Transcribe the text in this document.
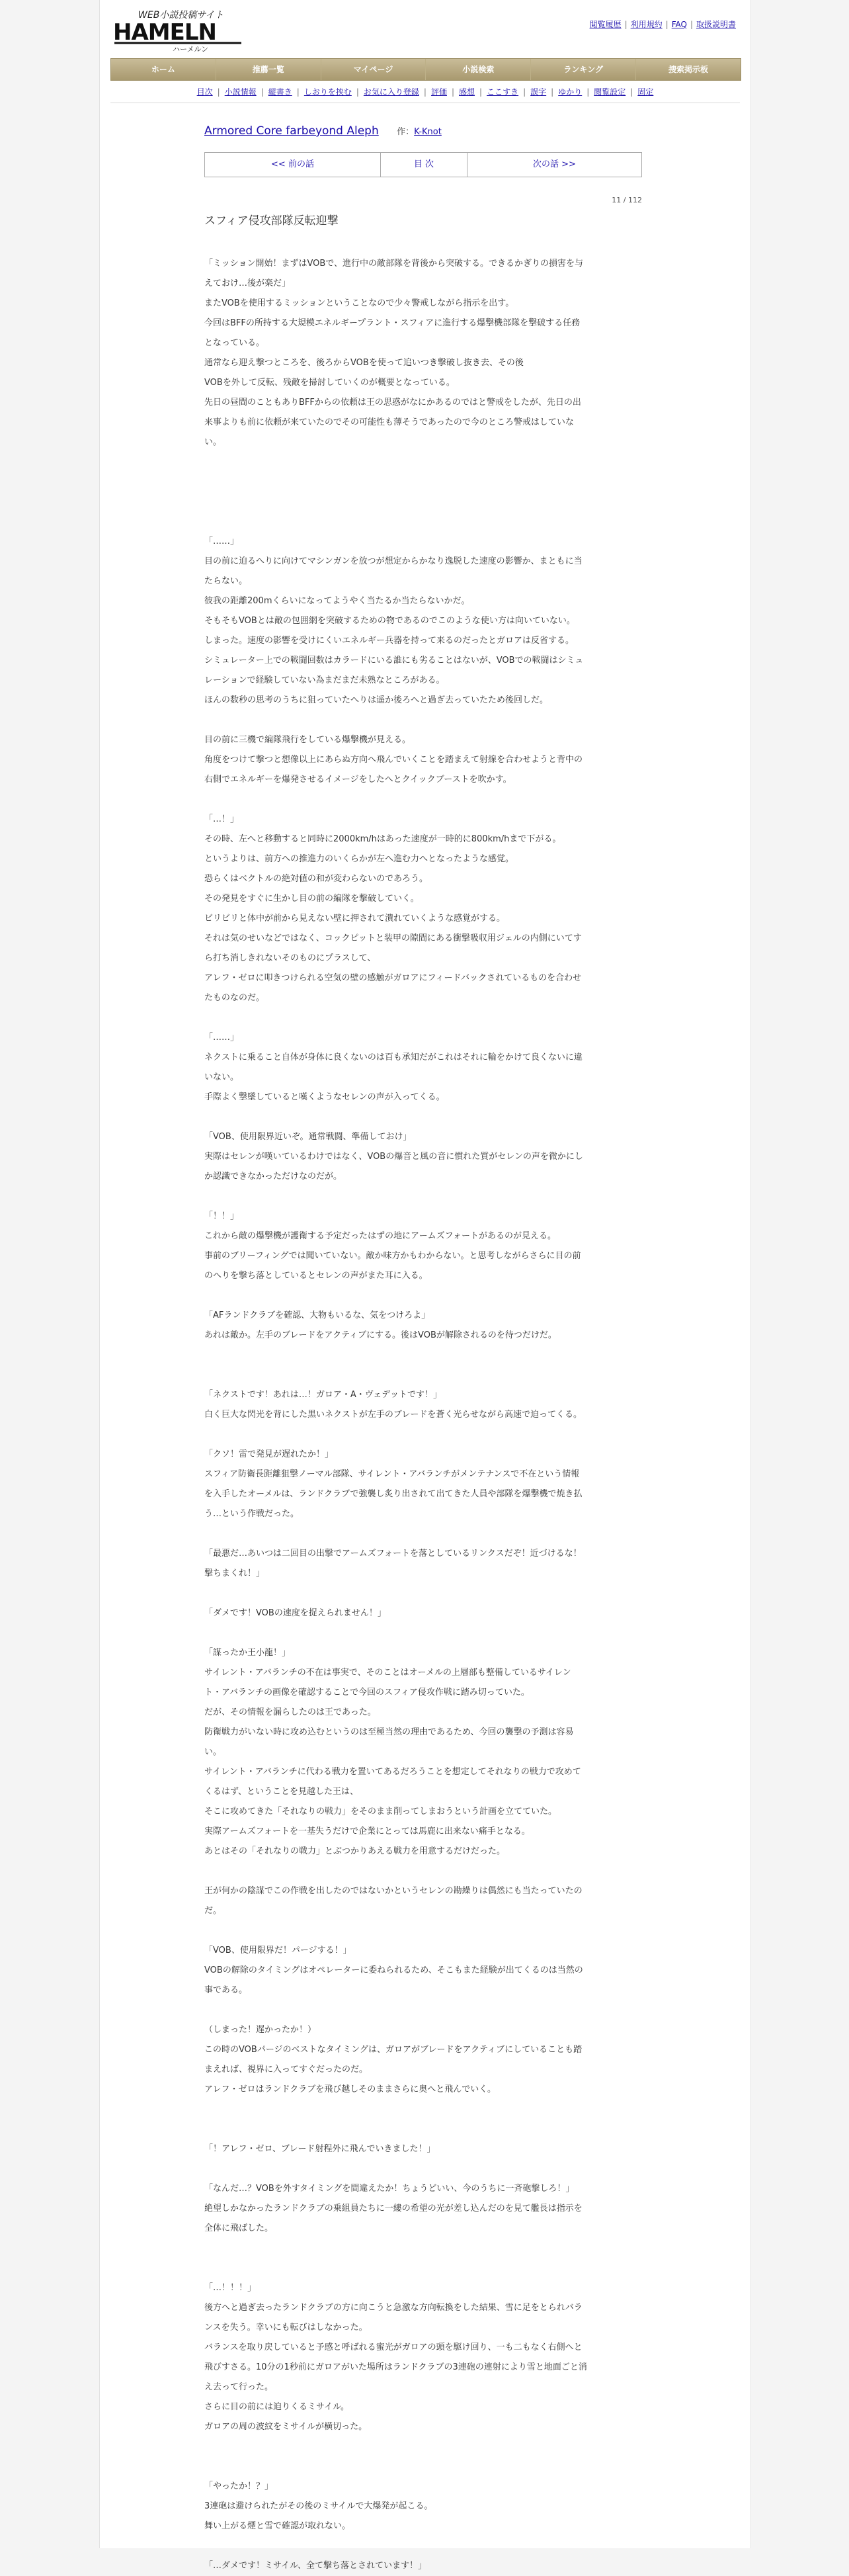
WEB小説投稿サイト
HAMELN
ハーメルン
閲覧履歴 | 利用規約 | FAQ | 取扱説明書
ホーム	推薦一覧	マイページ	小説検索	ランキング	捜索掲示板
目次 | 小説情報 | 縦書き | しおりを挟む | お気に入り登録 | 評価 | 感想 | ここすき | 誤字 | ゆかり | 閲覧設定 | 固定
Armored Core farbeyond Aleph 作：K-Knot
<< 前の話	目 次	次の話 >>
11 / 112
スフィア侵攻部隊反転迎撃

「ミッション開始！まずはVOBで、進行中の敵部隊を背後から突破する。できるかぎりの損害を与

えておけ…後が楽だ」

またVOBを使用するミッションということなので少々警戒しながら指示を出す。

今回はBFFの所持する大規模エネルギープラント・スフィアに進行する爆撃機部隊を撃破する任務

となっている。

通常なら迎え撃つところを、後ろからVOBを使って追いつき撃破し抜き去、その後

VOBを外して反転、残敵を掃討していくのが概要となっている。

先日の昼間のこともありBFFからの依頼は王の思惑がなにかあるのではと警戒をしたが、先日の出

来事よりも前に依頼が来ていたのでその可能性も薄そうであったので今のところ警戒はしていな

い。

「……」

目の前に迫るへりに向けてマシンガンを放つが想定からかなり逸脱した速度の影響か、まともに当

たらない。

彼我の距離200mくらいになってようやく当たるか当たらないかだ。

そもそもVOBとは敵の包囲網を突破するための物であるのでこのような使い方は向いていない。

しまった。速度の影響を受けにくいエネルギー兵器を持って来るのだったとガロアは反省する。

シミュレーター上での戦闘回数はカラードにいる誰にも劣ることはないが、VOBでの戦闘はシミュ

レーションで経験していない為まだまだ未熟なところがある。

ほんの数秒の思考のうちに狙っていたへりは遥か後ろへと過ぎ去っていたため後回しだ。

目の前に三機で編隊飛行をしている爆撃機が見える。

角度をつけて撃つと想像以上にあらぬ方向へ飛んでいくことを踏まえて射線を合わせようと背中の

右側でエネルギーを爆発させるイメージをしたへとクイックブーストを吹かす。

「…！」

その時、左へと移動すると同時に2000km/hはあった速度が一時的に800km/hまで下がる。

というよりは、前方への推進力のいくらかが左へ進む力へとなったような感覚。

恐らくはベクトルの絶対値の和が変わらないのであろう。

その発見をすぐに生かし目の前の編隊を撃破していく。

ビリビリと体中が前から見えない壁に押されて潰れていくような感覚がする。

それは気のせいなどではなく、コックピットと装甲の隙間にある衝撃吸収用ジェルの内側にいてす

ら打ち消しきれないそのものにプラスして、

アレフ・ゼロに叩きつけられる空気の壁の感触がガロアにフィードバックされているものを合わせ

たものなのだ。

「……」

ネクストに乗ること自体が身体に良くないのは百も承知だがこれはそれに輪をかけて良くないに違

いない。

手際よく撃墜していると嘆くようなセレンの声が入ってくる。

「VOB、使用限界近いぞ。通常戦闘、準備しておけ」

実際はセレンが嘆いているわけではなく、VOBの爆音と風の音に慣れた質がセレンの声を微かにし

か認識できなかっただけなのだが。

「！！」

これから敵の爆撃機が護衛する予定だったはずの地にアームズフォートがあるのが見える。

事前のブリーフィングでは聞いていない。敵か味方かもわからない。と思考しながらさらに目の前

のへりを撃ち落としているとセレンの声がまた耳に入る。

「AFランドクラブを確認、大物もいるな、気をつけろよ」

あれは敵か。左手のブレードをアクティブにする。後はVOBが解除されるのを待つだけだ。

「ネクストです！あれは…！ガロア・A・ヴェデットです！」

白く巨大な閃光を背にした黒いネクストが左手のブレードを蒼く光らせながら高速で迫ってくる。

「クソ！雷で発見が遅れたか！」

スフィア防衛長距離狙撃ノーマル部隊、サイレント・アバランチがメンテナンスで不在という情報

を入手したオーメルは、ランドクラブで強襲し炙り出されて出てきた人員や部隊を爆撃機で焼き払

う…という作戦だった。

「最悪だ…あいつは二回目の出撃でアームズフォートを落としているリンクスだぞ！近づけるな！

撃ちまくれ！」

「ダメです！VOBの速度を捉えられません！」

「謀ったか王小龍！」

サイレント・アバランチの不在は事実で、そのことはオーメルの上層部も整備しているサイレン

ト・アバランチの画像を確認することで今回のスフィア侵攻作戦に踏み切っていた。

だが、その情報を漏らしたのは王であった。

防衛戦力がいない時に攻め込むというのは至極当然の理由であるため、今回の襲撃の予測は容易

い。

サイレント・アバランチに代わる戦力を置いてあるだろうことを想定してそれなりの戦力で攻めて

くるはず、ということを見越した王は、

そこに攻めてきた「それなりの戦力」をそのまま削ってしまおうという計画を立てていた。

実際アームズフォートを一基失うだけで企業にとっては馬鹿に出来ない痛手となる。

あとはその「それなりの戦力」とぶつかりあえる戦力を用意するだけだった。

王が何かの陰謀でこの作戦を出したのではないかというセレンの勘繰りは偶然にも当たっていたの

だ。

「VOB、使用限界だ！パージする！」

VOBの解除のタイミングはオペレーターに委ねられるため、そこもまた経験が出てくるのは当然の

事である。

（しまった！遅かったか！）

この時のVOBパージのベストなタイミングは、ガロアがブレードをアクティブにしていることも踏

まえれば、視界に入ってすぐだったのだ。

アレフ・ゼロはランドクラブを飛び越しそのままさらに奥へと飛んでいく。

「！アレフ・ゼロ、ブレード射程外に飛んでいきました！」

「なんだ…？VOBを外すタイミングを間違えたか！ちょうどいい、今のうちに一斉砲撃しろ！」

絶望しかなかったランドクラブの乗組員たちに一縷の希望の光が差し込んだのを見て艦長は指示を

全体に飛ばした。

「…！！！」

後方へと過ぎ去ったランドクラブの方に向こうと急激な方向転換をした結果、雪に足をとられバラ

ンスを失う。幸いにも転びはしなかった。

バランスを取り戻していると予感と呼ばれる蜜光がガロアの頭を駆け回り、一も二もなく右側へと

飛びすさる。10分の1秒前にガロアがいた場所はランドクラブの3連砲の連射により雪と地面ごと消

え去って行った。

さらに目の前には迫りくるミサイル。

ガロアの周の波紋をミサイルが横切った。

「やったか！？」

3連砲は避けられたがその後のミサイルで大爆発が起こる。

舞い上がる煙と雪で確認が取れない。

「…ダメです！ミサイル、全て撃ち落とされています！」
